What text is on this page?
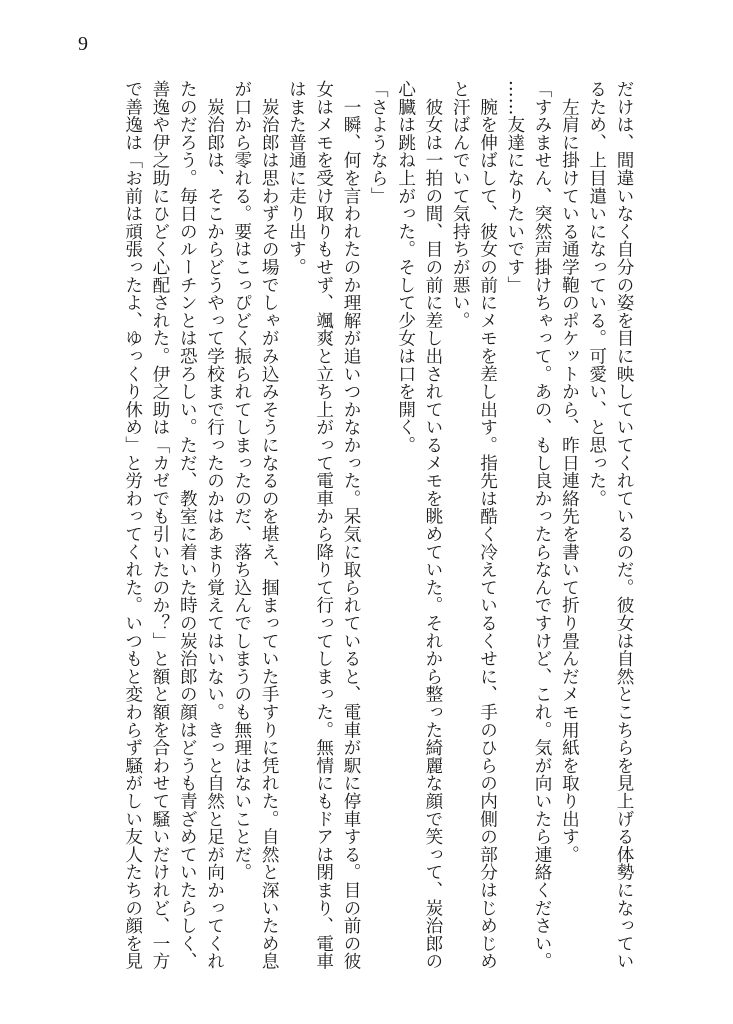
9
だけは、間違いなく自分の姿を目に映していてくれているのだ。彼女は自然とこちらを見上げる体勢になってい
るため、上目遣いになっている。可愛い、と思った。
　左肩に掛けている通学鞄のポケットから、昨日連絡先を書いて折り畳んだメモ用紙を取り出す。
「すみません、突然声掛けちゃって。あの、もし良かったらなんですけど、これ。気が向いたら連絡ください。
……友達になりたいです」
　腕を伸ばして、彼女の前にメモを差し出す。指先は酷く冷えているくせに、手のひらの内側の部分はじめじめ
と汗ばんでいて気持ちが悪い。
　彼女は一拍の間、目の前に差し出されているメモを眺めていた。それから整った綺麗な顔で笑って、炭治郎の
心臓は跳ね上がった。そして少女は口を開く。
「さようなら」
　一瞬、何を言われたのか理解が追いつかなかった。呆気に取られていると、電車が駅に停車する。目の前の彼
女はメモを受け取りもせず、颯爽と立ち上がって電車から降りて行ってしまった。無情にもドアは閉まり、電車
はまた普通に走り出す。
　炭治郎は思わずその場でしゃがみ込みそうになるのを堪え、掴まっていた手すりに凭れた。自然と深いため息
が口から零れる。要はこっぴどく振られてしまったのだ、落ち込んでしまうのも無理はないことだ。
　炭治郎は、そこからどうやって学校まで行ったのかはあまり覚えてはいない。きっと自然と足が向かってくれ
たのだろう。毎日のルーチンとは恐ろしい。ただ、教室に着いた時の炭治郎の顔はどうも青ざめていたらしく、
善逸や伊之助にひどく心配された。伊之助は「カゼでも引いたのか？」と額と額を合わせて騒いだけれど、一方
で善逸は「お前は頑張ったよ、ゆっくり休め」と労わってくれた。いつもと変わらず騒がしい友人たちの顔を見
